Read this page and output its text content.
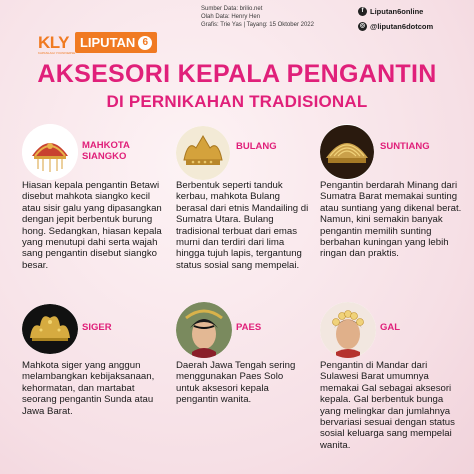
KLY
KAPANLAGI YOUNIVERSE
LIPUTAN 6
Sumber Data: brilio.net
Olah Data: Henry Hen
Grafis: Trie Yas | Tayang: 15 Oktober 2022
f Liputan6online
◎ @liputan6dotcom
AKSESORI KEPALA PENGANTIN
DI PERNIKAHAN TRADISIONAL
MAHKOTA
SIANGKO
Hiasan kepala pengantin Betawi disebut mahkota siangko kecil atau sisir galu yang dipasangkan dengan jepit berbentuk burung hong. Sedangkan, hiasan kepala yang menutupi dahi serta wajah sang pengantin disebut siangko besar.
BULANG
Berbentuk seperti tanduk kerbau, mahkota Bulang berasal dari etnis Mandailing di Sumatra Utara. Bulang tradisional terbuat dari emas murni dan terdiri dari lima hingga tujuh lapis, tergantung status sosial sang mempelai.
SUNTIANG
Pengantin berdarah Minang dari Sumatra Barat memakai sunting atau suntiang yang dikenal berat. Namun, kini semakin banyak pengantin memilih sunting berbahan kuningan yang lebih ringan dan praktis.
SIGER
Mahkota siger yang anggun melambangkan kebijaksanaan, kehormatan, dan martabat seorang pengantin Sunda atau Jawa Barat.
PAES
Daerah Jawa Tengah sering menggunakan Paes Solo untuk aksesori kepala pengantin wanita.
GAL
Pengantin di Mandar dari Sulawesi Barat umumnya memakai Gal sebagai aksesori kepala. Gal berbentuk bunga yang melingkar dan jumlahnya bervariasi sesuai dengan status sosial keluarga sang mempelai wanita.
